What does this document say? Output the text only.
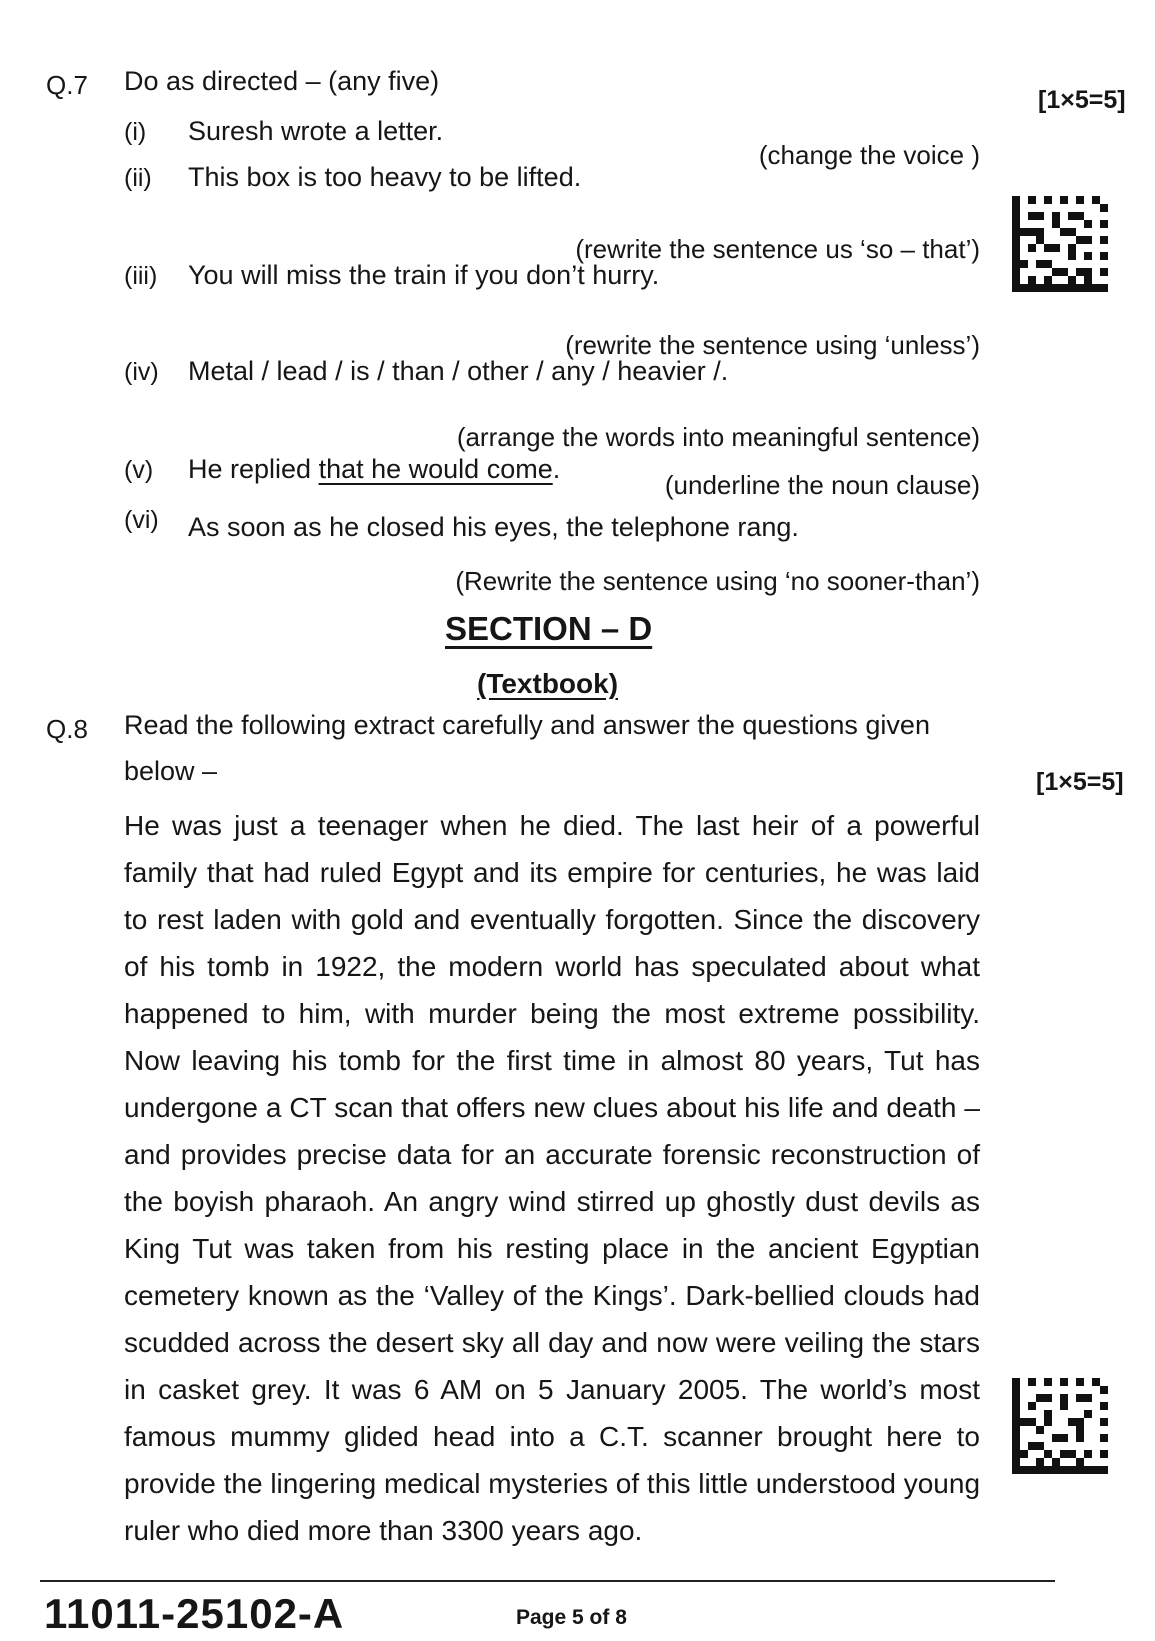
Q.7 Do as directed – (any five)
[1×5=5]
(i) Suresh wrote a letter.
(change the voice )
(ii) This box is too heavy to be lifted.
(rewrite the sentence us ‘so – that’)
(iii) You will miss the train if you don’t hurry.
(rewrite the sentence using ‘unless’)
(iv) Metal / lead / is / than / other / any / heavier /.
(arrange the words into meaningful sentence)
(v) He replied that he would come.
(underline the noun clause)
(vi) As soon as he closed his eyes, the telephone rang.
(Rewrite the sentence using ‘no sooner-than’)
SECTION – D
(Textbook)
Q.8 Read the following extract carefully and answer the questions given
below –	[1×5=5]
He was just a teenager when he died. The last heir of a powerful family that had ruled Egypt and its empire for centuries, he was laid to rest laden with gold and eventually forgotten. Since the discovery of his tomb in 1922, the modern world has speculated about what happened to him, with murder being the most extreme possibility. Now leaving his tomb for the first time in almost 80 years, Tut has undergone a CT scan that offers new clues about his life and death – and provides precise data for an accurate forensic reconstruction of the boyish pharaoh. An angry wind stirred up ghostly dust devils as King Tut was taken from his resting place in the ancient Egyptian cemetery known as the ‘Valley of the Kings’. Dark-bellied clouds had scudded across the desert sky all day and now were veiling the stars in casket grey. It was 6 AM on 5 January 2005. The world’s most famous mummy glided head into a C.T. scanner brought here to provide the lingering medical mysteries of this little understood young ruler who died more than 3300 years ago.
11011-25102-A	Page 5 of 8
